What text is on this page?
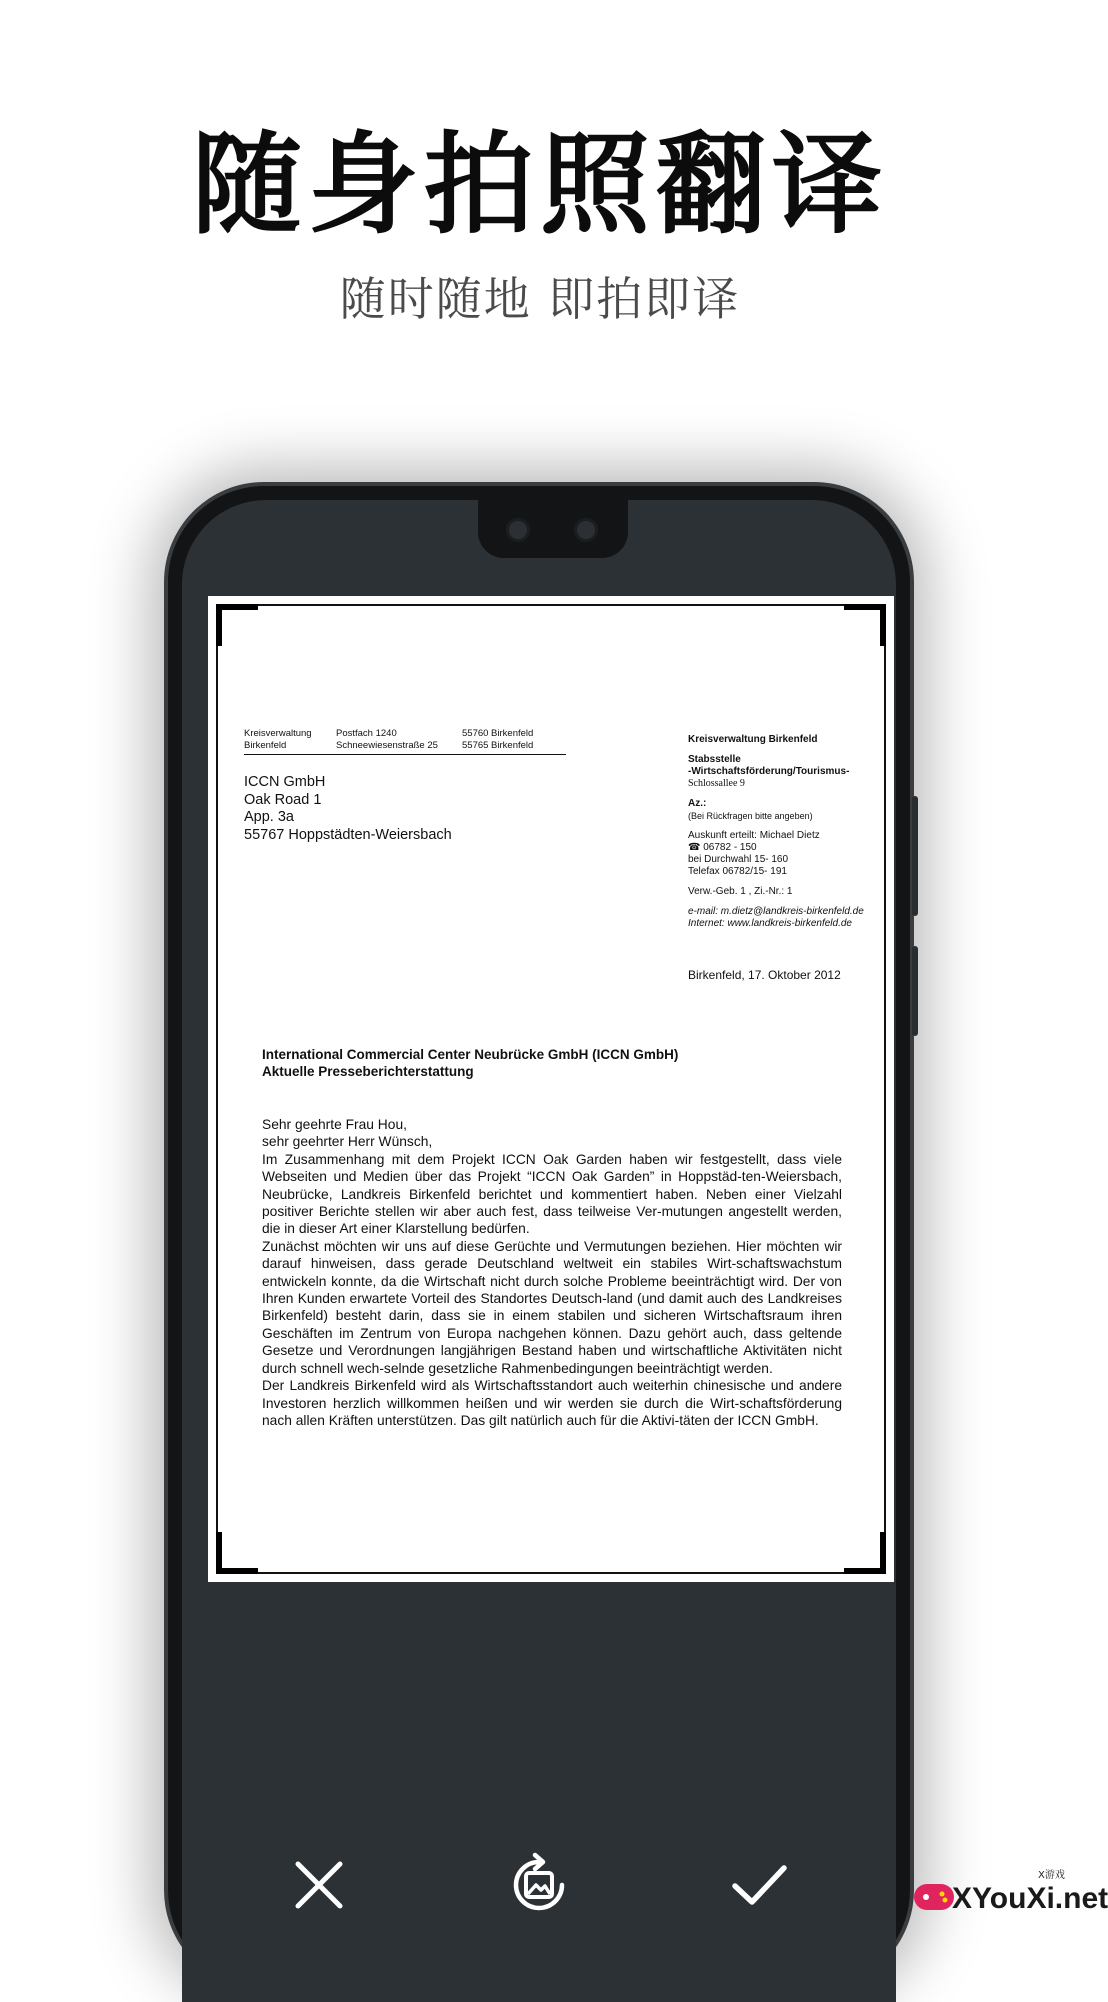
随身拍照翻译
随时随地 即拍即译
Kreisverwaltung
BirkenfeldPostfach 1240
Schneewiesenstraße 2555760 Birkenfeld
55765 Birkenfeld
ICCN GmbH
Oak Road 1
App. 3a
55767 Hoppstädten-Weiersbach
Kreisverwaltung Birkenfeld
Stabsstelle
-Wirtschaftsförderung/Tourismus-
Schlossallee 9
Az.:
(Bei Rückfragen bitte angeben)
Auskunft erteilt: Michael Dietz
☎ 06782 - 150
bei Durchwahl 15- 160
Telefax 06782/15- 191
Verw.-Geb. 1 , Zi.-Nr.: 1
e-mail: m.dietz@landkreis-birkenfeld.de
Internet: www.landkreis-birkenfeld.de
Birkenfeld, 17. Oktober 2012
International Commercial Center Neubrücke GmbH (ICCN GmbH)
Aktuelle Presseberichterstattung
Sehr geehrte Frau Hou,
sehr geehrter Herr Wünsch,
Im Zusammenhang mit dem Projekt ICCN Oak Garden haben wir festgestellt, dass viele Webseiten und Medien über das Projekt “ICCN Oak Garden” in Hoppstäd-ten-Weiersbach, Neubrücke, Landkreis Birkenfeld berichtet und kommentiert haben. Neben einer Vielzahl positiver Berichte stellen wir aber auch fest, dass teilweise Ver-mutungen angestellt werden, die in dieser Art einer Klarstellung bedürfen.
Zunächst möchten wir uns auf diese Gerüchte und Vermutungen beziehen. Hier möchten wir darauf hinweisen, dass gerade Deutschland weltweit ein stabiles Wirt-schaftswachstum entwickeln konnte, da die Wirtschaft nicht durch solche Probleme beeinträchtigt wird. Der von Ihren Kunden erwartete Vorteil des Standortes Deutsch-land (und damit auch des Landkreises Birkenfeld) besteht darin, dass sie in einem stabilen und sicheren Wirtschaftsraum ihren Geschäften im Zentrum von Europa nachgehen können. Dazu gehört auch, dass geltende Gesetze und Verordnungen langjährigen Bestand haben und wirtschaftliche Aktivitäten nicht durch schnell wech-selnde gesetzliche Rahmenbedingungen beeinträchtigt werden.
Der Landkreis Birkenfeld wird als Wirtschaftsstandort auch weiterhin chinesische und andere Investoren herzlich willkommen heißen und wir werden sie durch die Wirt-schaftsförderung nach allen Kräften unterstützen. Das gilt natürlich auch für die Aktivi-täten der ICCN GmbH.
XYouXi.net
X游戏
